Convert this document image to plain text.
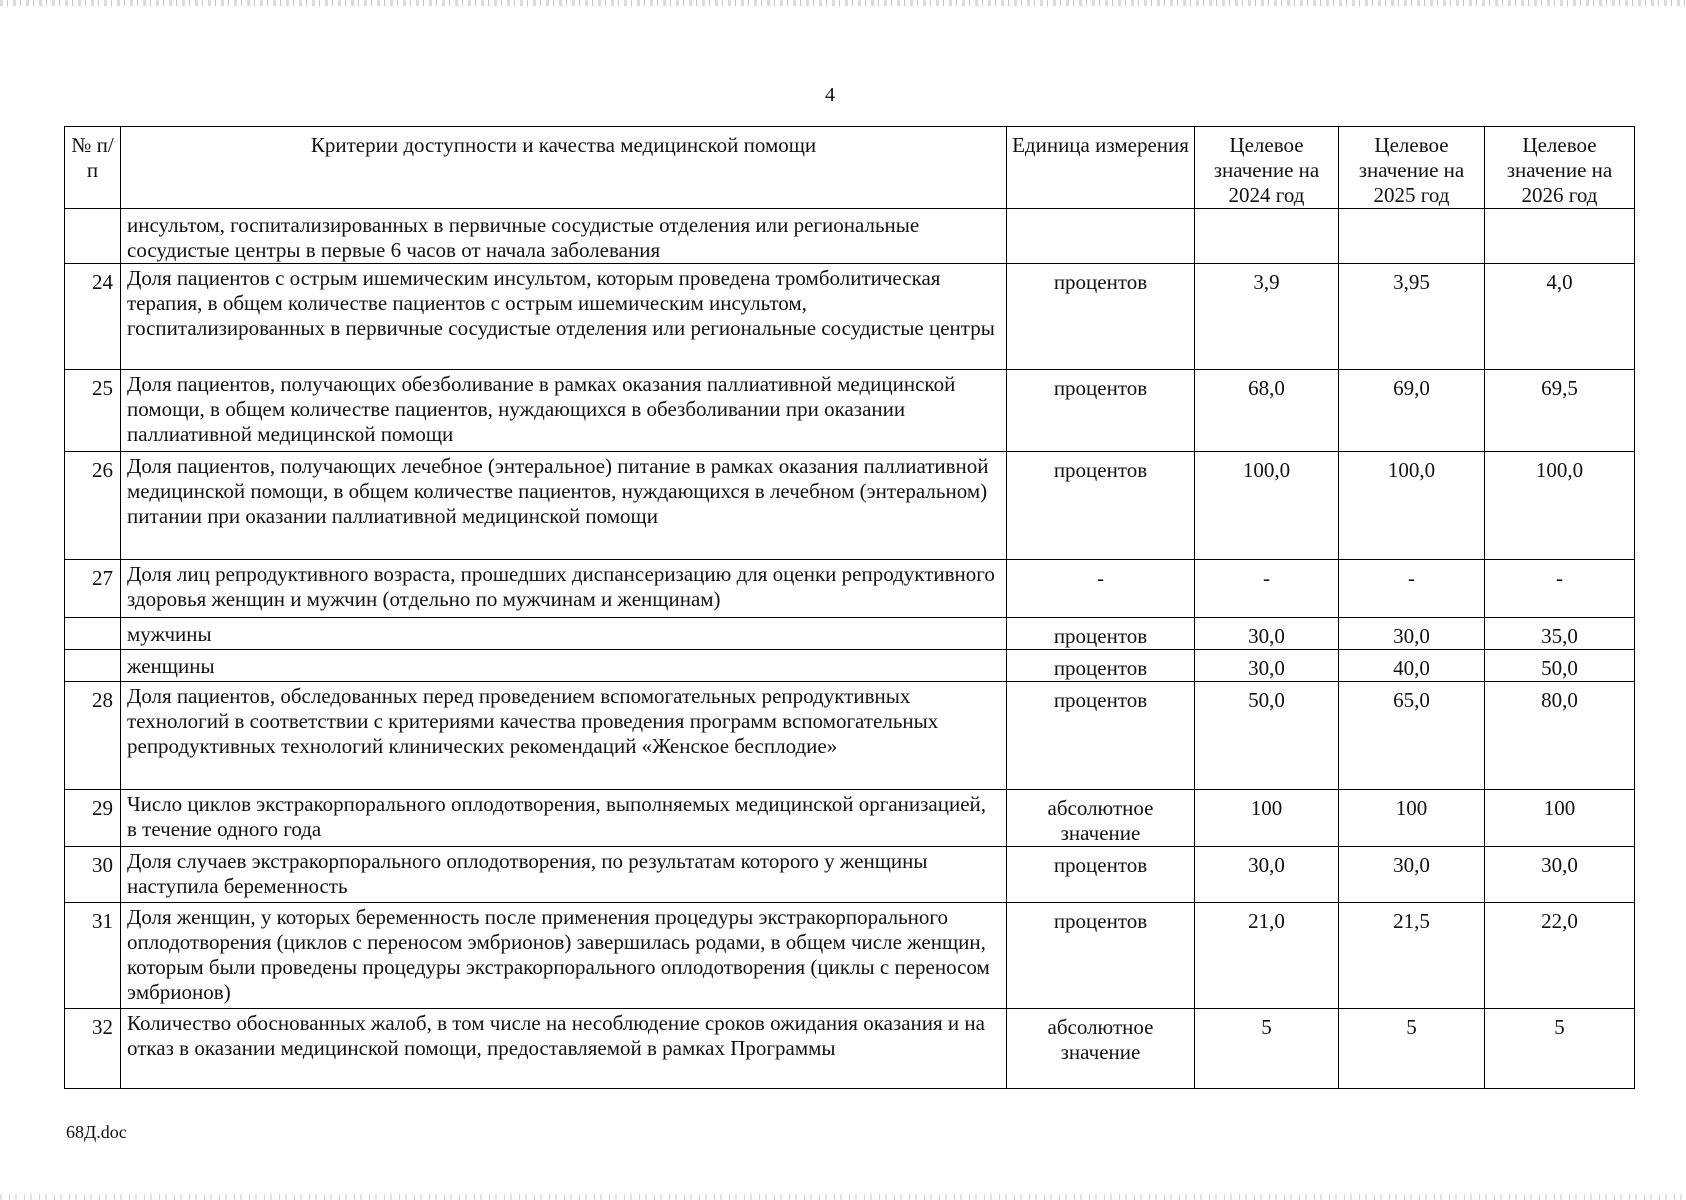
4
№ п/п	Критерии доступности и качества медицинской помощи	Единица измерения	Целевое значение на 2024 год	Целевое значение на 2025 год	Целевое значение на 2026 год
	инсультом, госпитализированных в первичные сосудистые отделения или региональные сосудистые центры в первые 6 часов от начала заболевания				
24	Доля пациентов с острым ишемическим инсультом, которым проведена тромболитическая терапия, в общем количестве пациентов с острым ишемическим инсультом, госпитализированных в первичные сосудистые отделения или региональные сосудистые центры	процентов	3,9	3,95	4,0
25	Доля пациентов, получающих обезболивание в рамках оказания паллиативной медицинской помощи, в общем количестве пациентов, нуждающихся в обезболивании при оказании паллиативной медицинской помощи	процентов	68,0	69,0	69,5
26	Доля пациентов, получающих лечебное (энтеральное) питание в рамках оказания паллиативной медицинской помощи, в общем количестве пациентов, нуждающихся в лечебном (энтеральном) питании при оказании паллиативной медицинской помощи	процентов	100,0	100,0	100,0
27	Доля лиц репродуктивного возраста, прошедших диспансеризацию для оценки репродуктивного здоровья женщин и мужчин (отдельно по мужчинам и женщинам)	-	-	-	-
	мужчины	процентов	30,0	30,0	35,0
	женщины	процентов	30,0	40,0	50,0
28	Доля пациентов, обследованных перед проведением вспомогательных репродуктивных технологий в соответствии с критериями качества проведения программ вспомогательных репродуктивных технологий клинических рекомендаций «Женское бесплодие»	процентов	50,0	65,0	80,0
29	Число циклов экстракорпорального оплодотворения, выполняемых медицинской организацией, в течение одного года	абсолютное значение	100	100	100
30	Доля случаев экстракорпорального оплодотворения, по результатам которого у женщины наступила беременность	процентов	30,0	30,0	30,0
31	Доля женщин, у которых беременность после применения процедуры экстракорпорального оплодотворения (циклов с переносом эмбрионов) завершилась родами, в общем числе женщин, которым были проведены процедуры экстракорпорального оплодотворения (циклы с переносом эмбрионов)	процентов	21,0	21,5	22,0
32	Количество обоснованных жалоб, в том числе на несоблюдение сроков ожидания оказания и на отказ в оказании медицинской помощи, предоставляемой в рамках Программы	абсолютное значение	5	5	5
68Д.doc
